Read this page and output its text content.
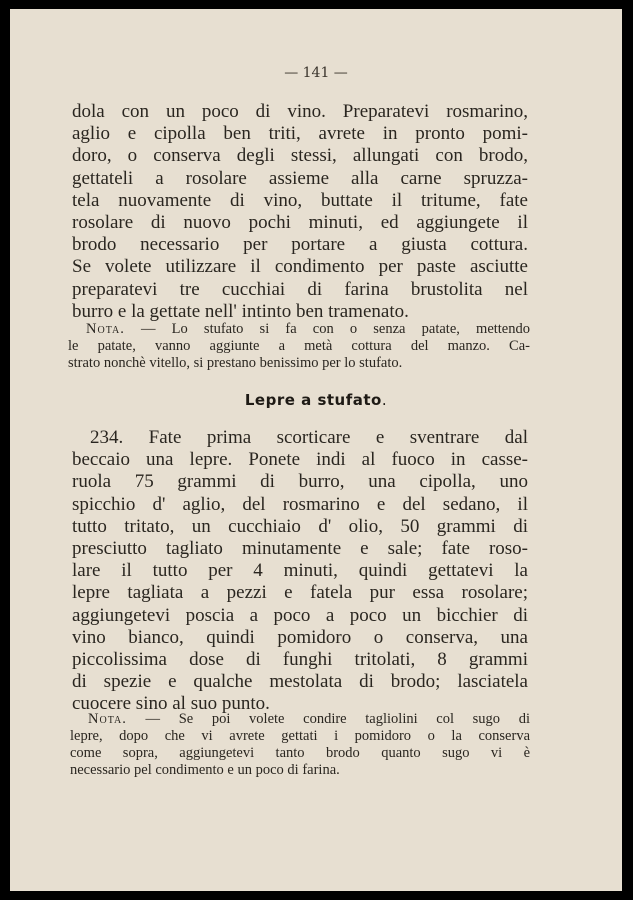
— 141 —

dola con un poco di vino. Preparatevi rosmarino,
aglio e cipolla ben triti, avrete in pronto pomi-
doro, o conserva degli stessi, allungati con brodo,
gettateli a rosolare assieme alla carne spruzza-
tela nuovamente di vino, buttate il tritume, fate
rosolare di nuovo pochi minuti, ed aggiungete il
brodo necessario per portare a giusta cottura.
Se volete utilizzare il condimento per paste asciutte
preparatevi tre cucchiai di farina brustolita nel
burro e la gettate nell' intinto ben tramenato.

Nota. — Lo stufato si fa con o senza patate, mettendo
le patate, vanno aggiunte a metà cottura del manzo. Ca-
strato nonchè vitello, si prestano benissimo per lo stufato.

Lepre a stufato.

234. Fate prima scorticare e sventrare dal
beccaio una lepre. Ponete indi al fuoco in casse-
ruola 75 grammi di burro, una cipolla, uno
spicchio d' aglio, del rosmarino e del sedano, il
tutto tritato, un cucchiaio d' olio, 50 grammi di
presciutto tagliato minutamente e sale; fate roso-
lare il tutto per 4 minuti, quindi gettatevi la
lepre tagliata a pezzi e fatela pur essa rosolare;
aggiungetevi poscia a poco a poco un bicchier di
vino bianco, quindi pomidoro o conserva, una
piccolissima dose di funghi tritolati, 8 grammi
di spezie e qualche mestolata di brodo; lasciatela
cuocere sino al suo punto.

Nota. — Se poi volete condire tagliolini col sugo di
lepre, dopo che vi avrete gettati i pomidoro o la conserva
come sopra, aggiungetevi tanto brodo quanto sugo vi è
necessario pel condimento e un poco di farina.
